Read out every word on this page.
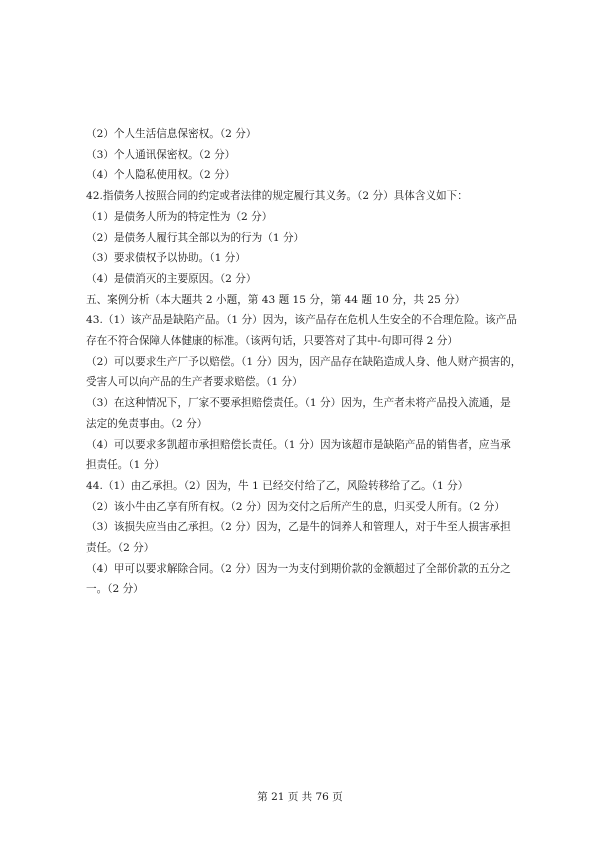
（2）个人生活信息保密权。（2 分）
（3）个人通讯保密权。（2 分）
（4）个人隐私使用权。（2 分）
42.指债务人按照合同的约定或者法律的规定履行其义务。（2 分）具体含义如下：
（1）是债务人所为的特定性为（2 分）
（2）是债务人履行其全部以为的行为（1 分）
（3）要求债权予以协助。（1 分）
（4）是债消灭的主要原因。（2 分）
五、案例分析（本大题共 2 小题，第 43 题 15 分，第 44 题 10 分，共 25 分）
43.（1）该产品是缺陷产品。（1 分）因为，该产品存在危机人生安全的不合理危险。该产品
存在不符合保障人体健康的标准。（该两句话，只要答对了其中-句即可得 2 分）
（2）可以要求生产厂予以赔偿。（1 分）因为，因产品存在缺陷造成人身、他人财产损害的，
受害人可以向产品的生产者要求赔偿。（1 分）
（3）在这种情况下，厂家不要承担赔偿责任。（1 分）因为，生产者未将产品投入流通，是
法定的免责事由。（2 分）
（4）可以要求多凯超市承担赔偿长责任。（1 分）因为该超市是缺陷产品的销售者，应当承
担责任。（1 分）
44.（1）由乙承担。（2）因为，牛 1 已经交付给了乙，风险转移给了乙。（1 分）
（2）该小牛由乙享有所有权。（2 分）因为交付之后所产生的息，归买受人所有。（2 分）
（3）该损失应当由乙承担。（2 分）因为，乙是牛的饲养人和管理人，对于牛至人损害承担
责任。（2 分）
（4）甲可以要求解除合同。（2 分）因为一为支付到期价款的金额超过了全部价款的五分之
一。（2 分）
第 21 页 共 76 页
